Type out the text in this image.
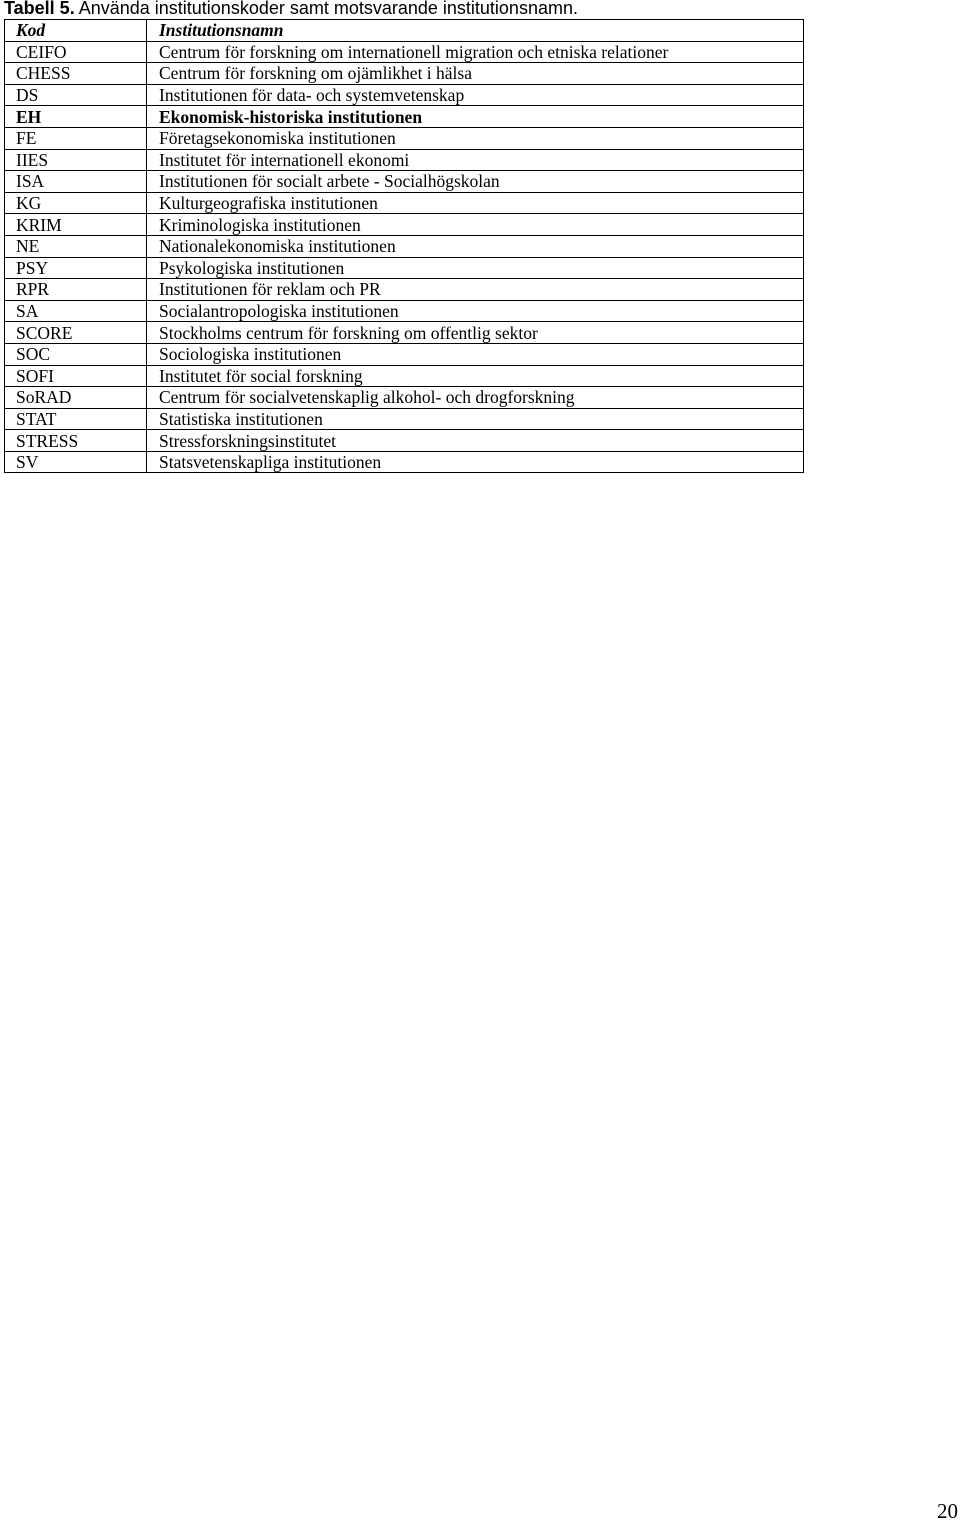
Tabell 5. Använda institutionskoder samt motsvarande institutionsnamn.
Kod	Institutionsnamn
CEIFO	Centrum för forskning om internationell migration och etniska relationer
CHESS	Centrum för forskning om ojämlikhet i hälsa
DS	Institutionen för data- och systemvetenskap
EH	Ekonomisk-historiska institutionen
FE	Företagsekonomiska institutionen
IIES	Institutet för internationell ekonomi
ISA	Institutionen för socialt arbete - Socialhögskolan
KG	Kulturgeografiska institutionen
KRIM	Kriminologiska institutionen
NE	Nationalekonomiska institutionen
PSY	Psykologiska institutionen
RPR	Institutionen för reklam och PR
SA	Socialantropologiska institutionen
SCORE	Stockholms centrum för forskning om offentlig sektor
SOC	Sociologiska institutionen
SOFI	Institutet för social forskning
SoRAD	Centrum för socialvetenskaplig alkohol- och drogforskning
STAT	Statistiska institutionen
STRESS	Stressforskningsinstitutet
SV	Statsvetenskapliga institutionen
20
